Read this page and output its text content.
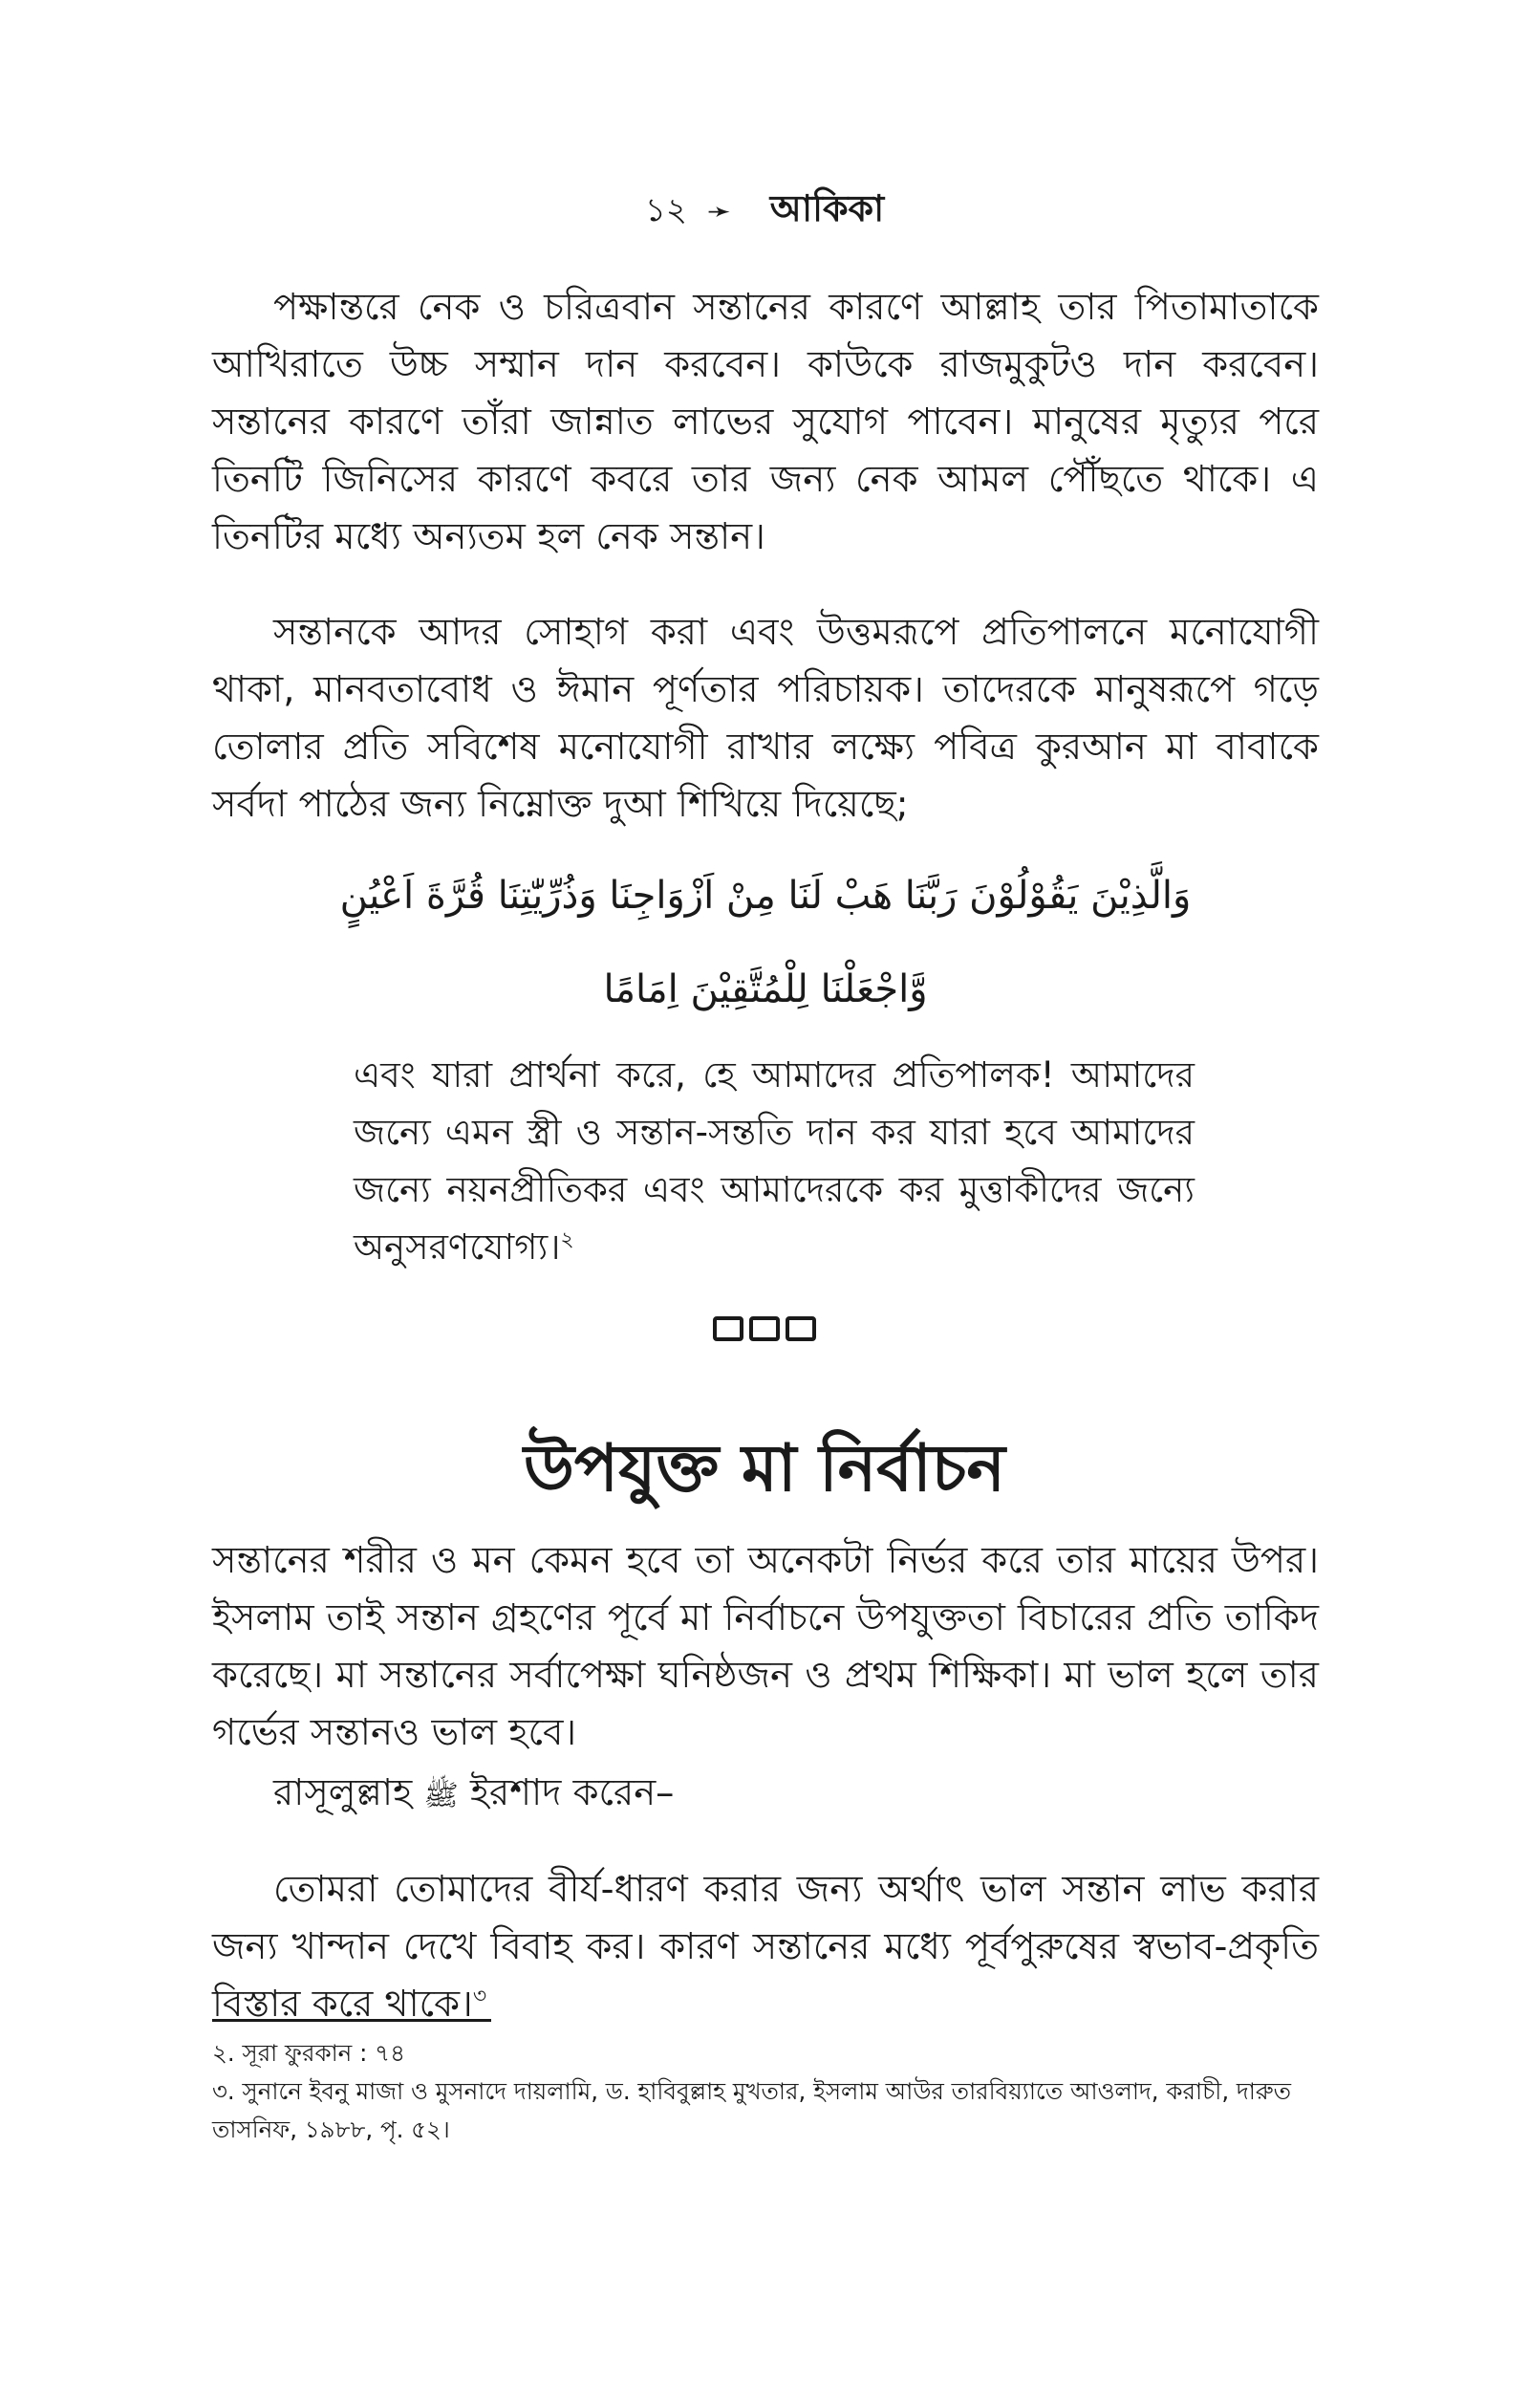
১২ ➛ আকিকা

পক্ষান্তরে নেক ও চরিত্রবান সন্তানের কারণে আল্লাহ তার পিতামাতাকে আখিরাতে উচ্চ সম্মান দান করবেন। কাউকে রাজমুকুটও দান করবেন। সন্তানের কারণে তাঁরা জান্নাত লাভের সুযোগ পাবেন। মানুষের মৃত্যুর পরে তিনটি জিনিসের কারণে কবরে তার জন্য নেক আমল পৌঁছতে থাকে। এ তিনটির মধ্যে অন্যতম হল নেক সন্তান।

সন্তানকে আদর সোহাগ করা এবং উত্তমরূপে প্রতিপালনে মনোযোগী থাকা, মানবতাবোধ ও ঈমান পূর্ণতার পরিচায়ক। তাদেরকে মানুষরূপে গড়ে তোলার প্রতি সবিশেষ মনোযোগী রাখার লক্ষ্যে পবিত্র কুরআন মা বাবাকে সর্বদা পাঠের জন্য নিম্নোক্ত দুআ শিখিয়ে দিয়েছে;

وَالَّذِيْنَ يَقُوْلُوْنَ رَبَّنَا هَبْ لَنَا مِنْ اَزْوَاجِنَا وَذُرِّيّٰتِنَا قُرَّةَ اَعْيُنٍ
وَّاجْعَلْنَا لِلْمُتَّقِيْنَ اِمَامًا

এবং যারা প্রার্থনা করে, হে আমাদের প্রতিপালক! আমাদের জন্যে এমন স্ত্রী ও সন্তান-সন্ততি দান কর যারা হবে আমাদের জন্যে নয়নপ্রীতিকর এবং আমাদেরকে কর মুত্তাকীদের জন্যে অনুসরণযোগ্য।$^২$

উপযুক্ত মা নির্বাচন

সন্তানের শরীর ও মন কেমন হবে তা অনেকটা নির্ভর করে তার মায়ের উপর। ইসলাম তাই সন্তান গ্রহণের পূর্বে মা নির্বাচনে উপযুক্ততা বিচারের প্রতি তাকিদ করেছে। মা সন্তানের সর্বাপেক্ষা ঘনিষ্ঠজন ও প্রথম শিক্ষিকা। মা ভাল হলে তার গর্ভের সন্তানও ভাল হবে।

রাসূলুল্লাহ ﷺ ইরশাদ করেন–

তোমরা তোমাদের বীর্য-ধারণ করার জন্য অর্থাৎ ভাল সন্তান লাভ করার জন্য খান্দান দেখে বিবাহ কর। কারণ সন্তানের মধ্যে পূর্বপুরুষের স্বভাব-প্রকৃতি বিস্তার করে থাকে।$^৩$

২. সূরা ফুরকান : ৭৪
৩. সুনানে ইবনু মাজা ও মুসনাদে দায়লামি, ড. হাবিবুল্লাহ মুখতার, ইসলাম আউর তারবিয়্যাতে আওলাদ, করাচী, দারুত তাসনিফ, ১৯৮৮, পৃ. ৫২।
